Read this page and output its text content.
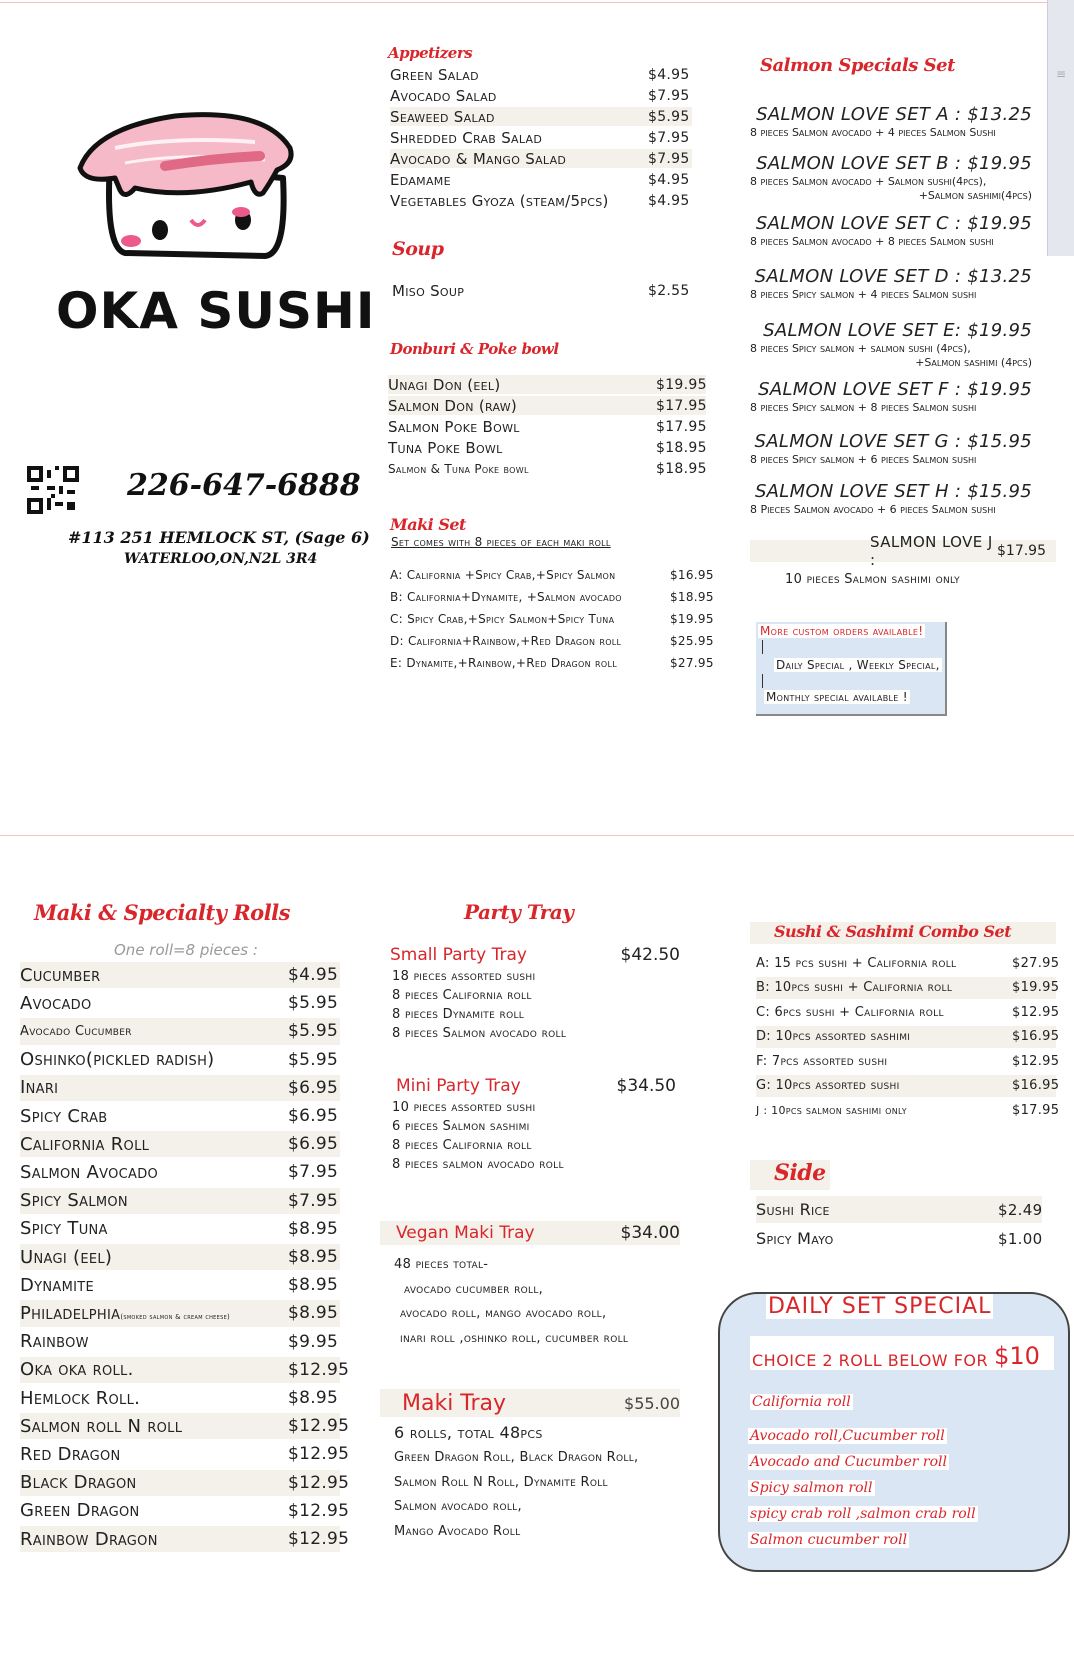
≡
OKA SUSHI
226-647-6888
#113 251 HEMLOCK ST, (Sage 6)
WATERLOO,ON,N2L 3R4
Appetizers
Green Salad	$4.95
Avocado Salad	$7.95
Seaweed Salad	$5.95
Shredded Crab Salad	$7.95
Avocado & Mango Salad	$7.95
Edamame	$4.95
Vegetables Gyoza (steam/5pcs)	$4.95
Soup
Miso Soup	$2.55
Donburi & Poke bowl
Unagi Don (eel)	$19.95
Salmon Don (raw)	$17.95
Salmon Poke Bowl	$17.95
Tuna Poke Bowl	$18.95
Salmon & Tuna Poke bowl	$18.95
Maki Set
Set comes with 8 pieces of each maki roll
A: California +Spicy Crab,+Spicy Salmon	$16.95
B: California+Dynamite, +Salmon avocado	$18.95
C: Spicy Crab,+Spicy Salmon+Spicy Tuna	$19.95
D: California+Rainbow,+Red Dragon roll	$25.95
E: Dynamite,+Rainbow,+Red Dragon roll	$27.95
Salmon Specials Set
SALMON LOVE SET A : $13.25
8 pieces Salmon avocado + 4 pieces Salmon Sushi
SALMON LOVE SET B : $19.95
8 pieces Salmon avocado + Salmon sushi(4pcs),
+Salmon sashimi(4pcs)
SALMON LOVE SET C : $19.95
8 pieces Salmon avocado + 8 pieces Salmon sushi
SALMON LOVE SET D : $13.25
8 pieces Spicy salmon + 4 pieces Salmon sushi
SALMON LOVE SET E: $19.95
8 pieces Spicy salmon + salmon sushi (4pcs),
+Salmon sashimi (4pcs)
SALMON LOVE SET F : $19.95
8 pieces Spicy salmon + 8 pieces Salmon sushi
SALMON LOVE SET G : $15.95
8 pieces Spicy salmon + 6 pieces Salmon sushi
SALMON LOVE SET H : $15.95
8 Pieces Salmon avocado + 6 pieces Salmon sushi
SALMON LOVE J :	$17.95
10 pieces Salmon sashimi only
More custom orders available!
Daily Special , Weekly Special,
Monthly special available !
Maki & Specialty Rolls
One roll=8 pieces :
Cucumber	$4.95
Avocado	$5.95
Avocado Cucumber	$5.95
Oshinko(pickled radish)	$5.95
Inari	$6.95
Spicy Crab	$6.95
California Roll	$6.95
Salmon Avocado	$7.95
Spicy Salmon	$7.95
Spicy Tuna	$8.95
Unagi (eel)	$8.95
Dynamite	$8.95
Philadelphia(smoked salmon & cream cheese)	$8.95
Rainbow	$9.95
Oka oka roll.	$12.95
Hemlock Roll.	$8.95
Salmon roll N roll	$12.95
Red Dragon	$12.95
Black Dragon	$12.95
Green Dragon	$12.95
Rainbow Dragon	$12.95
Party Tray
Small Party Tray	$42.50
18 pieces assorted sushi
8 pieces California roll
8 pieces Dynamite roll
8 pieces Salmon avocado roll
Mini Party Tray	$34.50
10 pieces assorted sushi
6 pieces Salmon sashimi
8 pieces California roll
8 pieces salmon avocado roll
Vegan Maki Tray	$34.00
48 pieces total-
avocado cucumber roll,
avocado roll, mango avocado roll,
inari roll ,oshinko roll, cucumber roll
Maki Tray	$55.00
6 rolls, total 48pcs
Green Dragon Roll, Black Dragon Roll,
Salmon Roll N Roll, Dynamite Roll
Salmon avocado roll,
Mango Avocado Roll
Sushi & Sashimi Combo Set
A: 15 pcs sushi + California roll	$27.95
B: 10pcs sushi + California roll	$19.95
C: 6pcs sushi + California roll	$12.95
D: 10pcs assorted sashimi	$16.95
F: 7pcs assorted sushi	$12.95
G: 10pcs assorted sushi	$16.95
J : 10pcs salmon sashimi only	$17.95
Side
Sushi Rice	$2.49
Spicy Mayo	$1.00
DAILY SET SPECIAL
CHOICE 2 ROLL BELOW FOR $10
California roll
Avocado roll,Cucumber roll
Avocado and Cucumber roll
Spicy salmon roll
spicy crab roll ,salmon crab roll
Salmon cucumber roll
